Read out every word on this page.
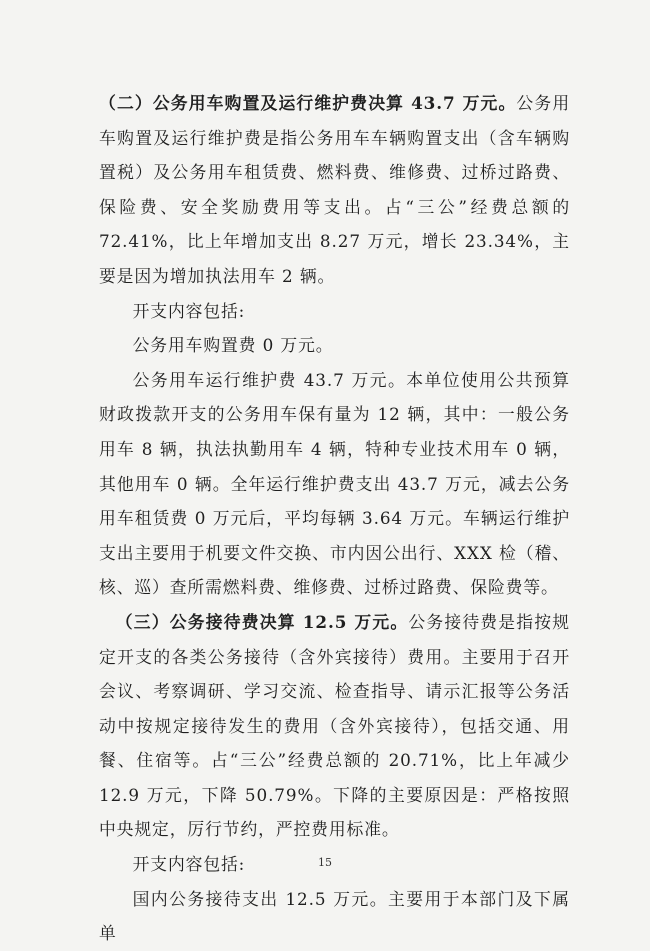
（二）公务用车购置及运行维护费决算 43.7 万元。公务用车购置及运行维护费是指公务用车车辆购置支出（含车辆购置税）及公务用车租赁费、燃料费、维修费、过桥过路费、保险费、安全奖励费用等支出。占“三公”经费总额的 72.41%，比上年增加支出 8.27 万元，增长 23.34%，主要是因为增加执法用车 2 辆。

开支内容包括:

公务用车购置费 0 万元。

公务用车运行维护费 43.7 万元。本单位使用公共预算财政拨款开支的公务用车保有量为 12 辆，其中：一般公务用车 8 辆，执法执勤用车 4 辆，特种专业技术用车 0 辆，其他用车 0 辆。全年运行维护费支出 43.7 万元，减去公务用车租赁费 0 万元后，平均每辆 3.64 万元。车辆运行维护支出主要用于机要文件交换、市内因公出行、XXX 检（稽、核、巡）查所需燃料费、维修费、过桥过路费、保险费等。

（三）公务接待费决算 12.5 万元。公务接待费是指按规定开支的各类公务接待（含外宾接待）费用。主要用于召开会议、考察调研、学习交流、检查指导、请示汇报等公务活动中按规定接待发生的费用（含外宾接待），包括交通、用餐、住宿等。占“三公”经费总额的 20.71%，比上年减少 12.9 万元，下降 50.79%。下降的主要原因是：严格按照中央规定，厉行节约，严控费用标准。

开支内容包括:

国内公务接待支出 12.5 万元。主要用于本部门及下属单

15
